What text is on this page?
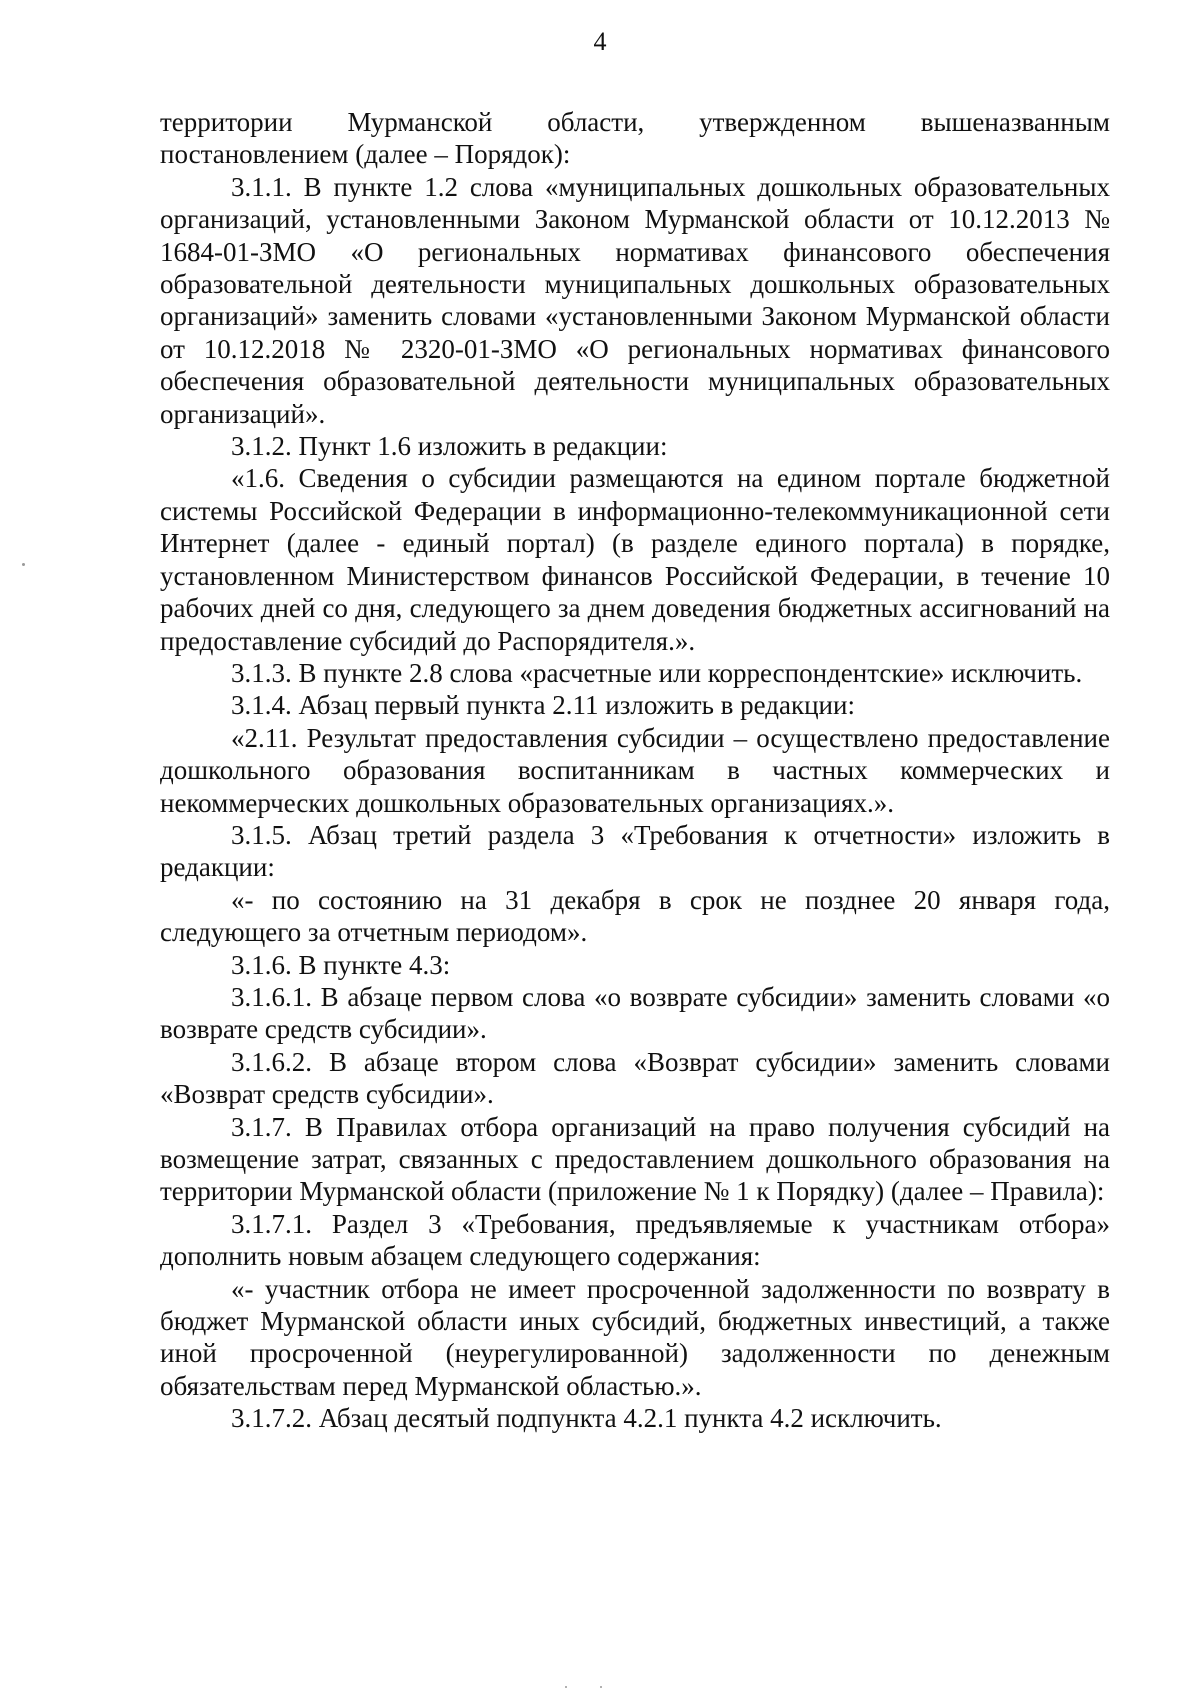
4

территории Мурманской области, утвержденном вышеназванным постановлением (далее – Порядок):

3.1.1. В пункте 1.2 слова «муниципальных дошкольных образовательных организаций, установленными Законом Мурманской области от 10.12.2013 № 1684-01-ЗМО «О региональных нормативах финансового обеспечения образовательной деятельности муниципальных дошкольных образовательных организаций» заменить словами «установленными Законом Мурманской области от 10.12.2018 № 2320-01-ЗМО «О региональных нормативах финансового обеспечения образовательной деятельности муниципальных образовательных организаций».

3.1.2. Пункт 1.6 изложить в редакции:

«1.6. Сведения о субсидии размещаются на едином портале бюджетной системы Российской Федерации в информационно-телекоммуникационной сети Интернет (далее - единый портал) (в разделе единого портала) в порядке, установленном Министерством финансов Российской Федерации, в течение 10 рабочих дней со дня, следующего за днем доведения бюджетных ассигнований на предоставление субсидий до Распорядителя.».

3.1.3. В пункте 2.8 слова «расчетные или корреспондентские» исключить.

3.1.4. Абзац первый пункта 2.11 изложить в редакции:

«2.11. Результат предоставления субсидии – осуществлено предоставление дошкольного образования воспитанникам в частных коммерческих и некоммерческих дошкольных образовательных организациях.».

3.1.5. Абзац третий раздела 3 «Требования к отчетности» изложить в редакции:

«- по состоянию на 31 декабря в срок не позднее 20 января года, следующего за отчетным периодом».

3.1.6. В пункте 4.3:

3.1.6.1. В абзаце первом слова «о возврате субсидии» заменить словами «о возврате средств субсидии».

3.1.6.2. В абзаце втором слова «Возврат субсидии» заменить словами «Возврат средств субсидии».

3.1.7. В Правилах отбора организаций на право получения субсидий на возмещение затрат, связанных с предоставлением дошкольного образования на территории Мурманской области (приложение № 1 к Порядку) (далее – Правила):

3.1.7.1. Раздел 3 «Требования, предъявляемые к участникам отбора» дополнить новым абзацем следующего содержания:

«- участник отбора не имеет просроченной задолженности по возврату в бюджет Мурманской области иных субсидий, бюджетных инвестиций, а также иной просроченной (неурегулированной) задолженности по денежным обязательствам перед Мурманской областью.».

3.1.7.2. Абзац десятый подпункта 4.2.1 пункта 4.2 исключить.
